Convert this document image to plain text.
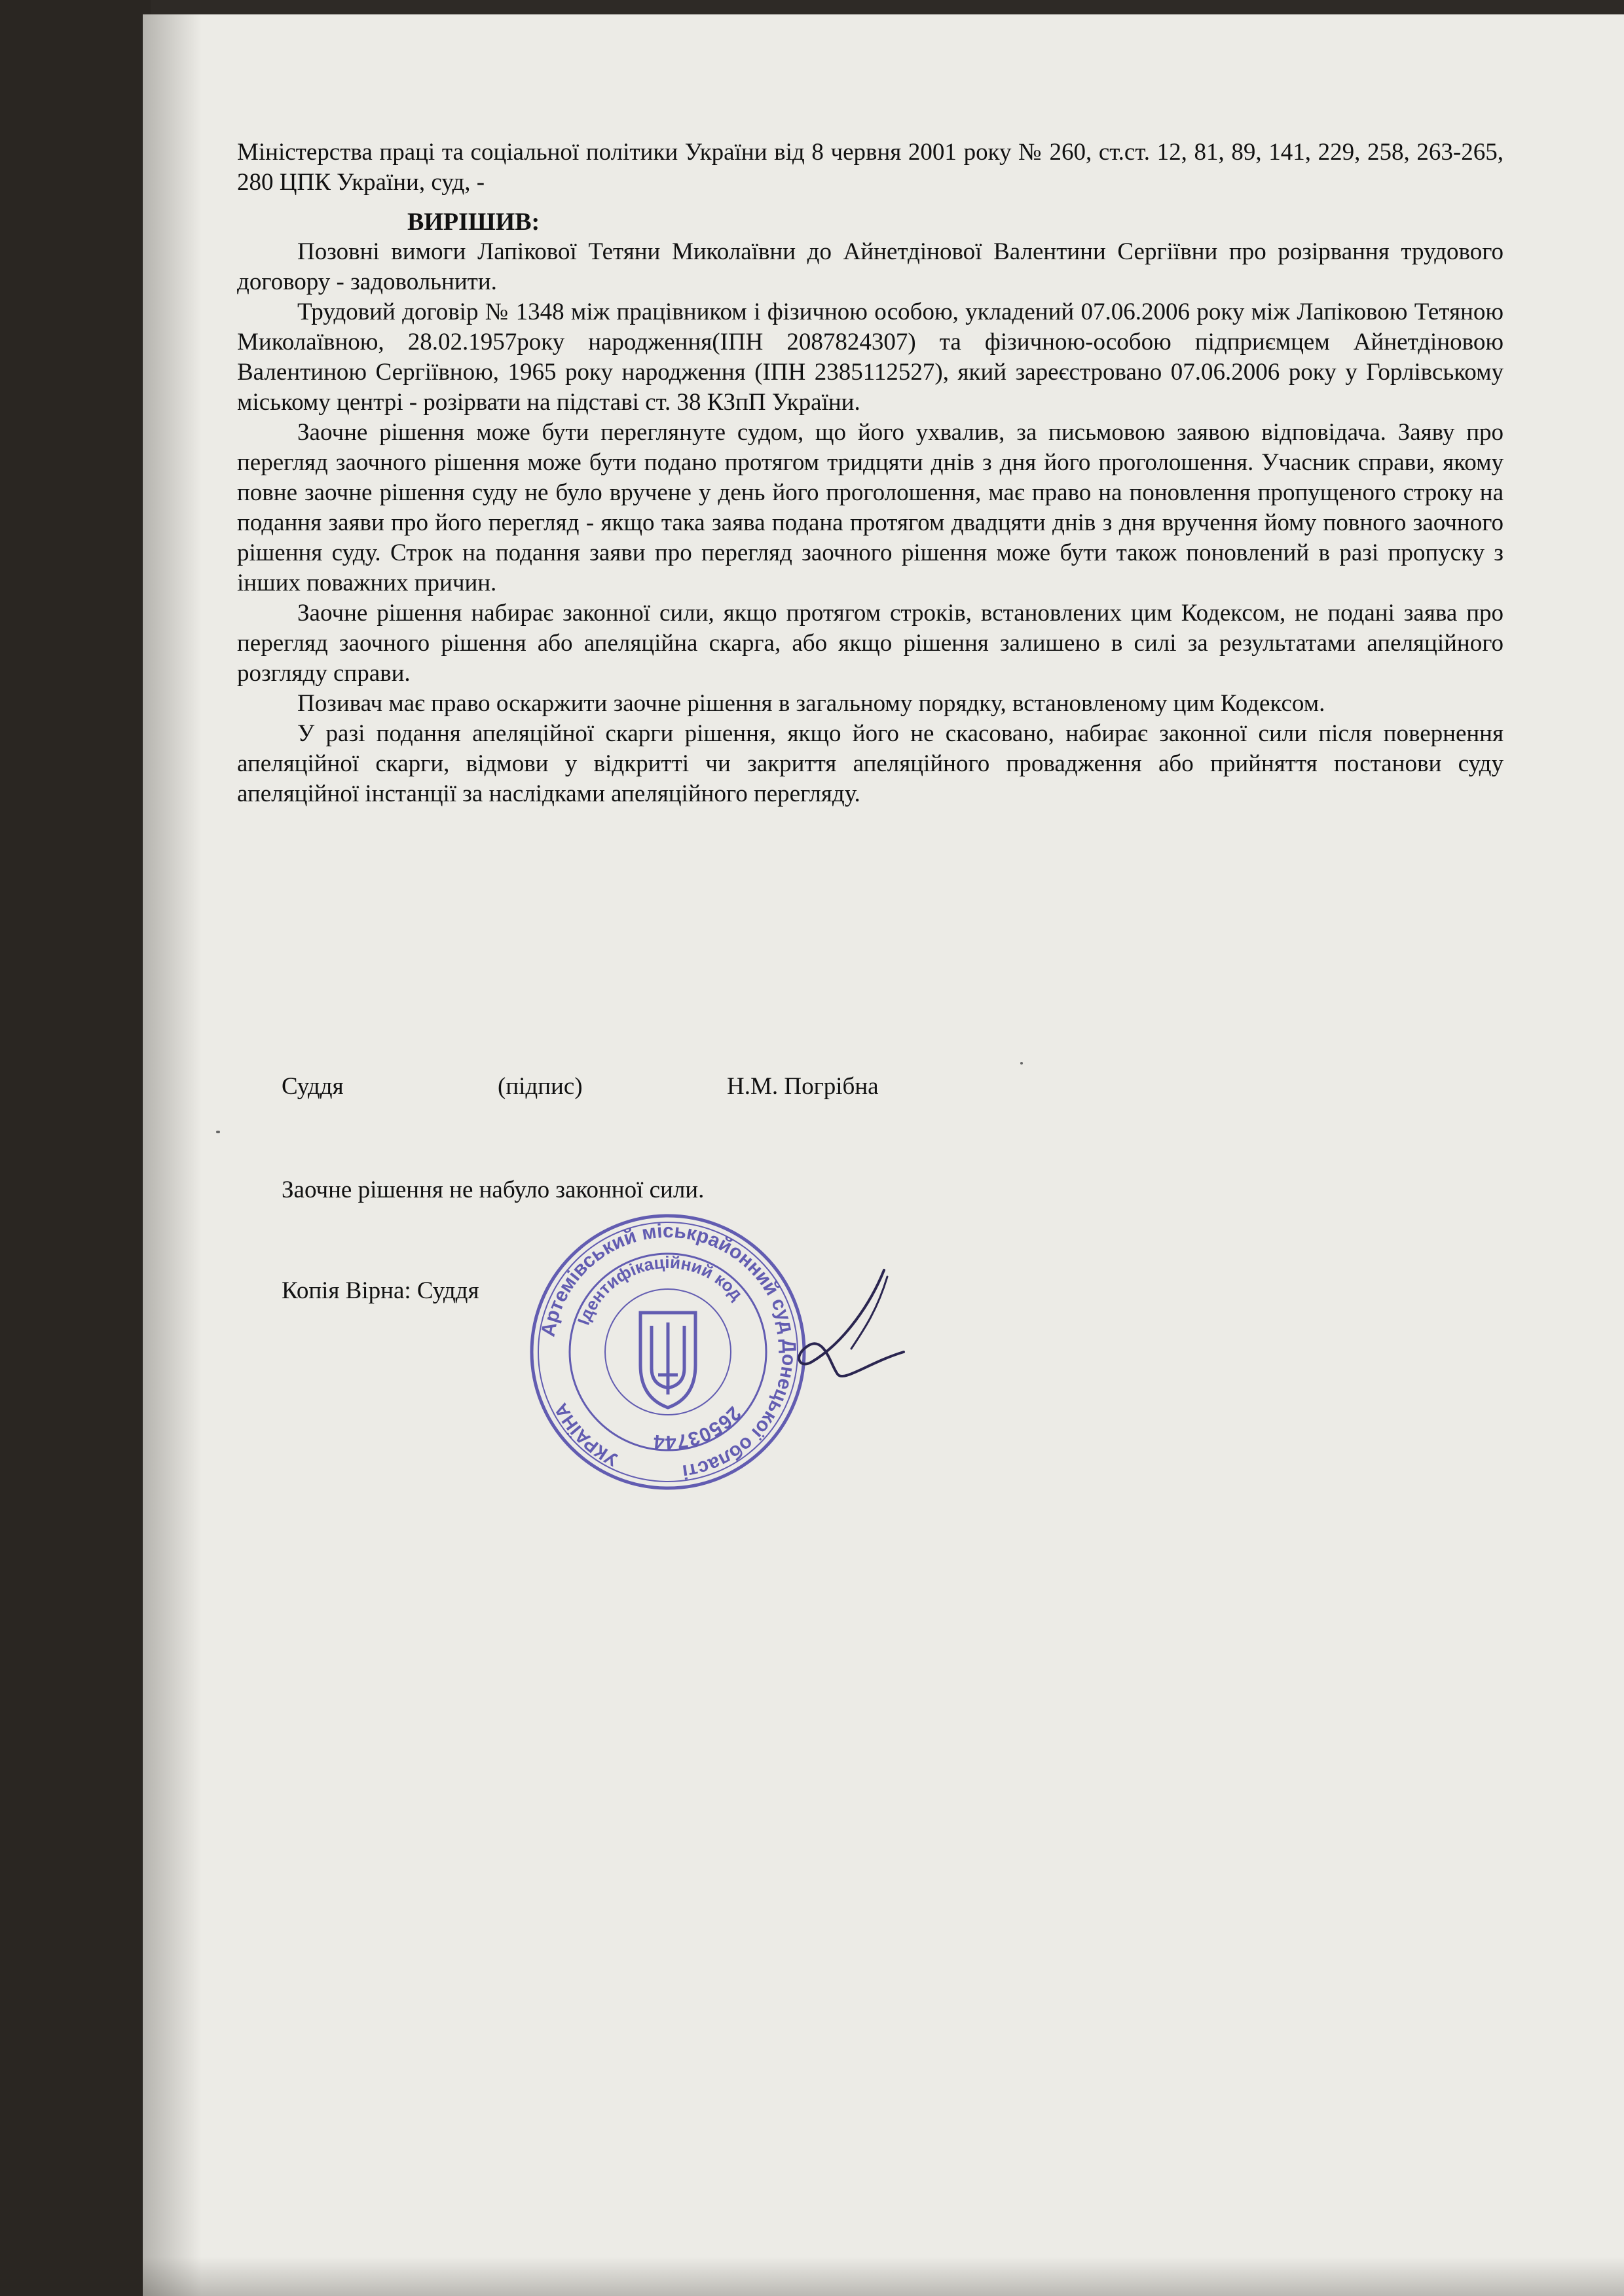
Міністерства праці та соціальної політики України від 8 червня 2001 року № 260, ст.ст. 12, 81, 89, 141, 229, 258, 263-265, 280 ЦПК України, суд, -

ВИРІШИВ:

Позовні вимоги Лапікової Тетяни Миколаївни до Айнетдінової Валентини Сергіївни про розірвання трудового договору - задовольнити.

Трудовий договір № 1348 між працівником і фізичною особою, укладений 07.06.2006 року між Лапіковою Тетяною Миколаївною, 28.02.1957року народження(ІПН 2087824307) та фізичною-особою підприємцем Айнетдіновою Валентиною Сергіївною, 1965 року народження (ІПН 2385112527), який зареєстровано 07.06.2006 року у Горлівському міському центрі - розірвати на підставі ст. 38 КЗпП України.

Заочне рішення може бути переглянуте судом, що його ухвалив, за письмовою заявою відповідача. Заяву про перегляд заочного рішення може бути подано протягом тридцяти днів з дня його проголошення. Учасник справи, якому повне заочне рішення суду не було вручене у день його проголошення, має право на поновлення пропущеного строку на подання заяви про його перегляд - якщо така заява подана протягом двадцяти днів з дня вручення йому повного заочного рішення суду. Строк на подання заяви про перегляд заочного рішення може бути також поновлений в разі пропуску з інших поважних причин.

Заочне рішення набирає законної сили, якщо протягом строків, встановлених цим Кодексом, не подані заява про перегляд заочного рішення або апеляційна скарга, або якщо рішення залишено в силі за результатами апеляційного розгляду справи.

Позивач має право оскаржити заочне рішення в загальному порядку, встановленому цим Кодексом.

У разі подання апеляційної скарги рішення, якщо його не скасовано, набирає законної сили після повернення апеляційної скарги, відмови у відкритті чи закриття апеляційного провадження або прийняття постанови суду апеляційної інстанції за наслідками апеляційного перегляду.

Суддя	(підпис)	Н.М. Погрібна
Заочне рішення не набуло законної сили.
Копія Вірна: Суддя
Артемівський міськрайонний суд Донецької області
УКРАЇНА
Ідентифікаційний код
26503744
